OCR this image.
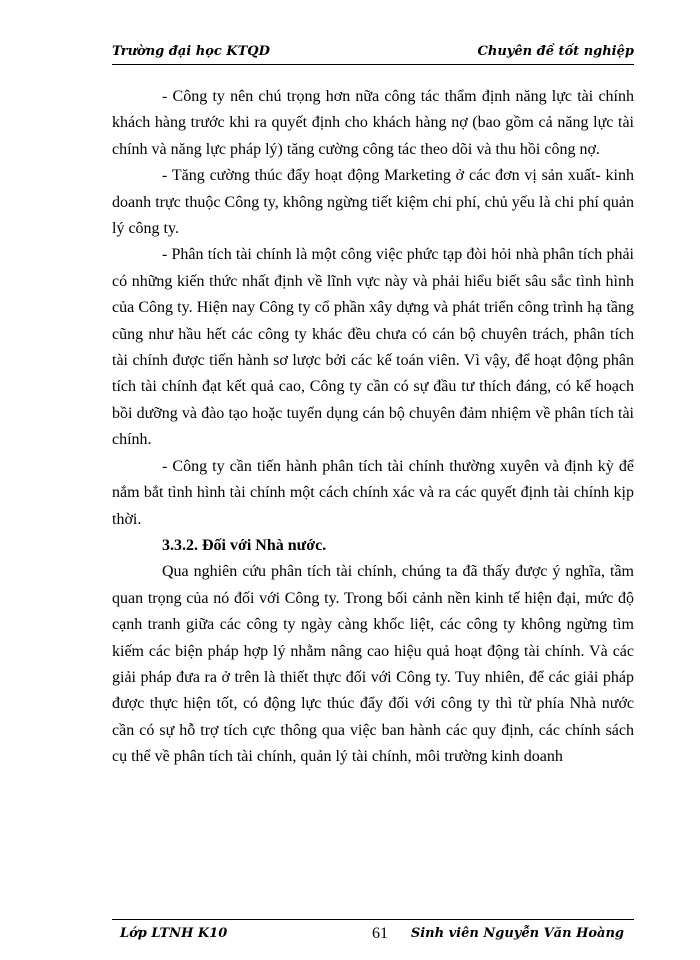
Trường đại học KTQD	Chuyên đề tốt nghiệp

- Công ty nên chú trọng hơn nữa công tác thẩm định năng lực tài chính khách hàng trước khi ra quyết định cho khách hàng nợ (bao gồm cả năng lực tài chính và năng lực pháp lý) tăng cường công tác theo dõi và thu hồi công nợ.

- Tăng cường thúc đẩy hoạt động Marketing ở các đơn vị sản xuất- kinh doanh trực thuộc Công ty, không ngừng tiết kiệm chi phí, chủ yếu là chi phí quản lý công ty.

- Phân tích tài chính là một công việc phức tạp đòi hỏi nhà phân tích phải có những kiến thức nhất định về lĩnh vực này và phải hiểu biết sâu sắc tình hình của Công ty. Hiện nay Công ty cổ phần xây dựng và phát triển công trình hạ tầng cũng như hầu hết các công ty khác đều chưa có cán bộ chuyên trách, phân tích tài chính được tiến hành sơ lược bởi các kế toán viên. Vì vậy, để hoạt động phân tích tài chính đạt kết quả cao, Công ty cần có sự đầu tư thích đáng, có kế hoạch bồi dưỡng và đào tạo hoặc tuyển dụng cán bộ chuyên đảm nhiệm về phân tích tài chính.

- Công ty cần tiến hành phân tích tài chính thường xuyên và định kỳ để nắm bắt tình hình tài chính một cách chính xác và ra các quyết định tài chính kịp thời.

3.3.2. Đối với Nhà nước.

Qua nghiên cứu phân tích tài chính, chúng ta đã thấy được ý nghĩa, tầm quan trọng của nó đối với Công ty. Trong bối cảnh nền kinh tế hiện đại, mức độ cạnh tranh giữa các công ty ngày càng khốc liệt, các công ty không ngừng tìm kiếm các biện pháp hợp lý nhằm nâng cao hiệu quả hoạt động tài chính. Và các giải pháp đưa ra ở trên là thiết thực đối với Công ty. Tuy nhiên, để các giải pháp được thực hiện tốt, có động lực thúc đẩy đối với công ty thì từ phía Nhà nước cần có sự hỗ trợ tích cực thông qua việc ban hành các quy định, các chính sách cụ thể về phân tích tài chính, quản lý tài chính, môi trường kinh doanh

Lớp LTNH K10	61 Sinh viên Nguyễn Văn Hoàng
